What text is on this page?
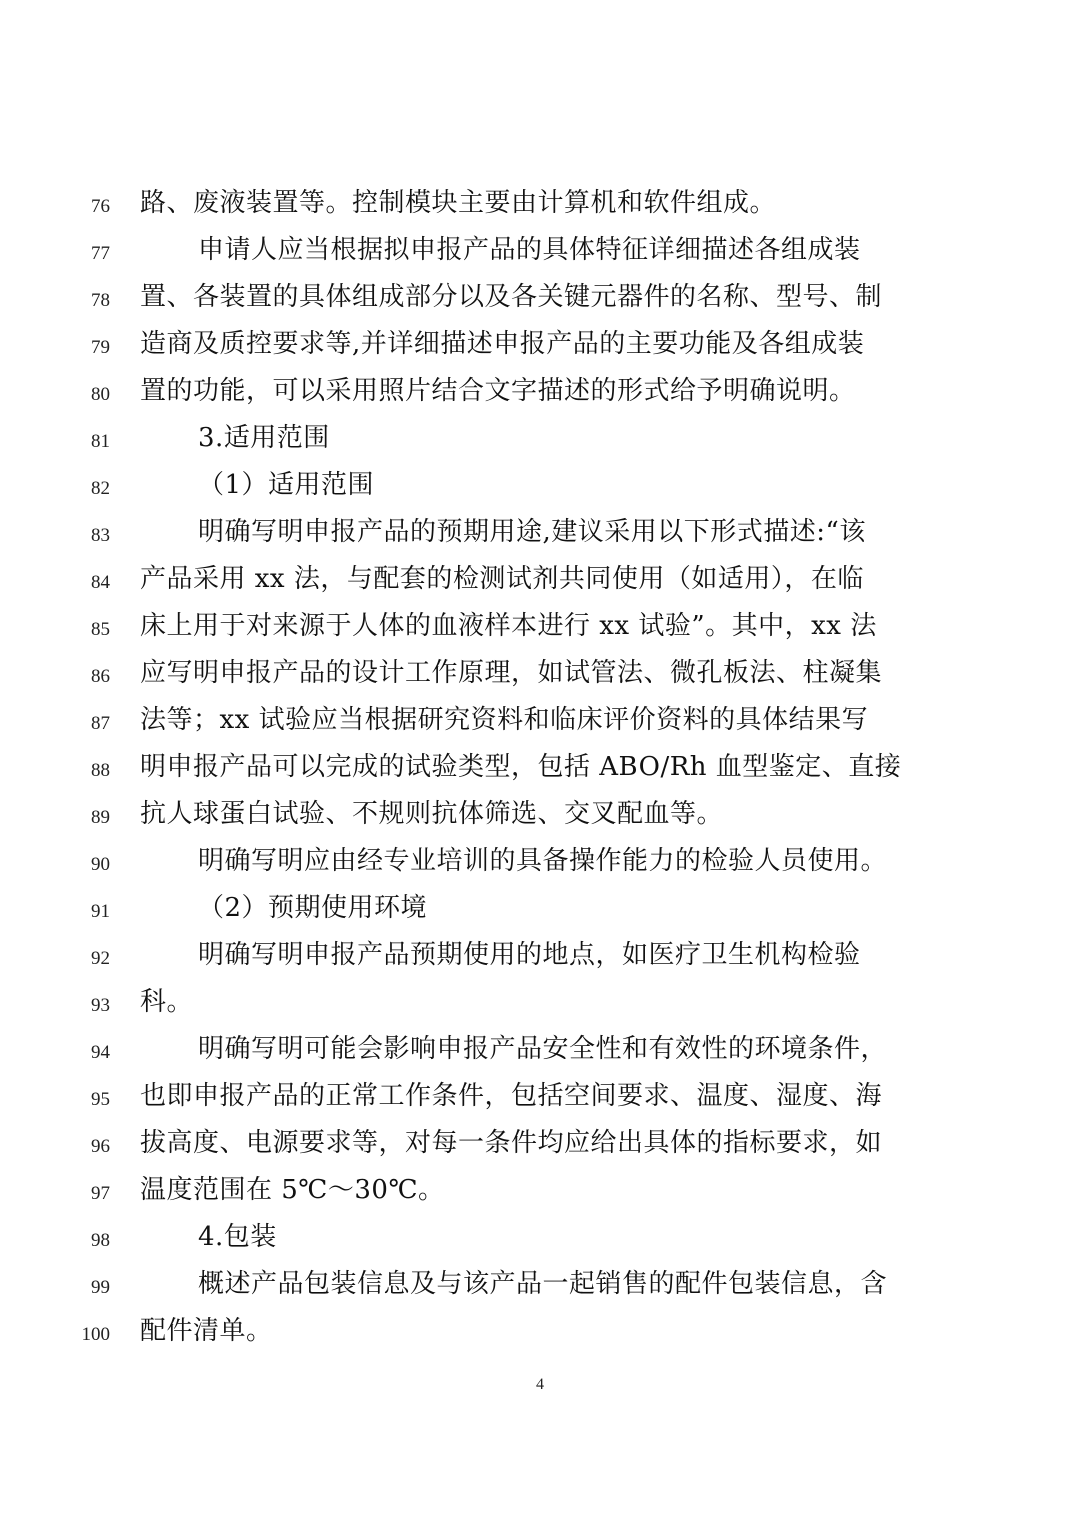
76 路、废液装置等。控制模块主要由计算机和软件组成。
77	申请人应当根据拟申报产品的具体特征详细描述各组成装
78 置、各装置的具体组成部分以及各关键元器件的名称、型号、制
79 造商及质控要求等,并详细描述申报产品的主要功能及各组成装
80 置的功能，可以采用照片结合文字描述的形式给予明确说明。
81	3.适用范围
82	（1）适用范围
83	明确写明申报产品的预期用途,建议采用以下形式描述:“该
84 产品采用 xx 法，与配套的检测试剂共同使用（如适用），在临
85 床上用于对来源于人体的血液样本进行 xx 试验”。其中，xx 法
86 应写明申报产品的设计工作原理，如试管法、微孔板法、柱凝集
87 法等；xx 试验应当根据研究资料和临床评价资料的具体结果写
88 明申报产品可以完成的试验类型，包括 ABO/Rh 血型鉴定、直接
89 抗人球蛋白试验、不规则抗体筛选、交叉配血等。
90	明确写明应由经专业培训的具备操作能力的检验人员使用。
91	（2）预期使用环境
92	明确写明申报产品预期使用的地点，如医疗卫生机构检验
93 科。
94	明确写明可能会影响申报产品安全性和有效性的环境条件，
95 也即申报产品的正常工作条件，包括空间要求、温度、湿度、海
96 拔高度、电源要求等，对每一条件均应给出具体的指标要求，如
97 温度范围在 5℃～30℃。
98	4.包装
99	概述产品包装信息及与该产品一起销售的配件包装信息，含
100 配件清单。
4
